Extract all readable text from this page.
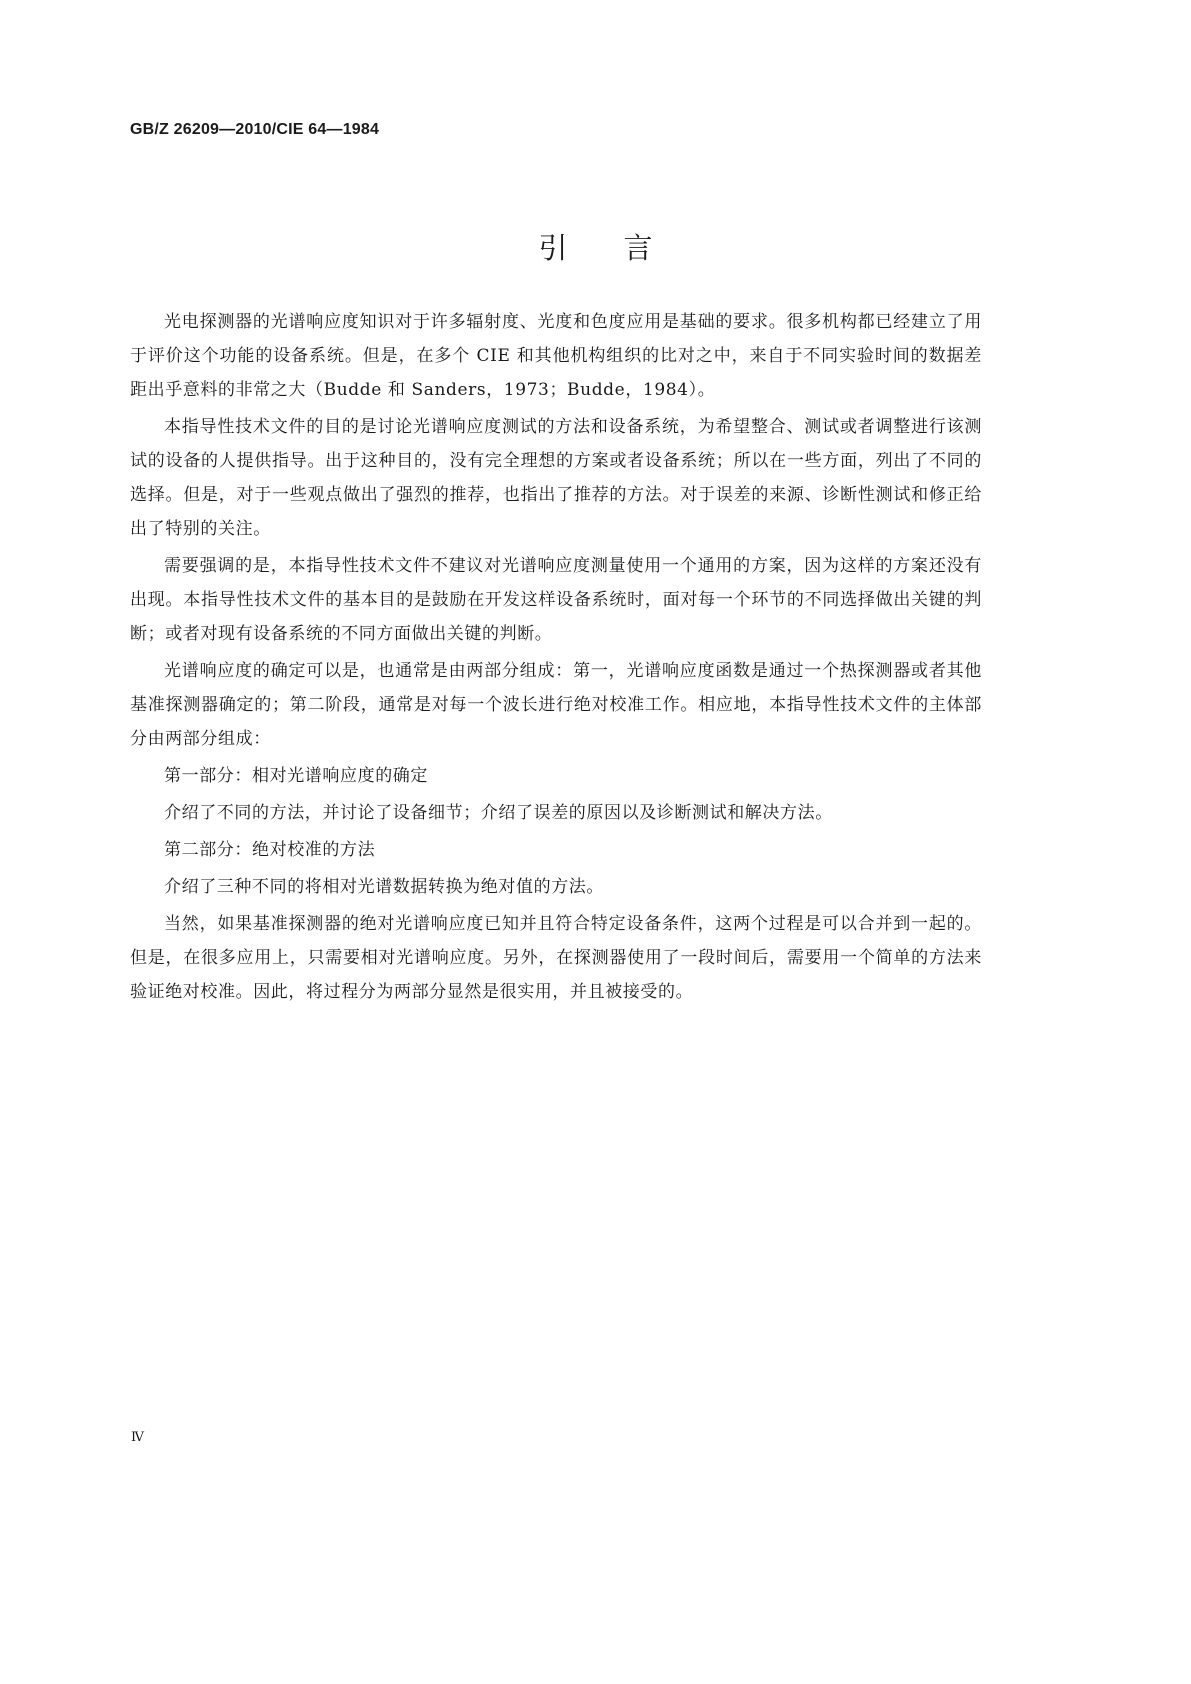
GB/Z 26209—2010/CIE 64—1984
引言

光电探测器的光谱响应度知识对于许多辐射度、光度和色度应用是基础的要求。很多机构都已经建立了用于评价这个功能的设备系统。但是，在多个 CIE 和其他机构组织的比对之中，来自于不同实验时间的数据差距出乎意料的非常之大（Budde 和 Sanders，1973；Budde，1984）。

本指导性技术文件的目的是讨论光谱响应度测试的方法和设备系统，为希望整合、测试或者调整进行该测试的设备的人提供指导。出于这种目的，没有完全理想的方案或者设备系统；所以在一些方面，列出了不同的选择。但是，对于一些观点做出了强烈的推荐，也指出了推荐的方法。对于误差的来源、诊断性测试和修正给出了特别的关注。

需要强调的是，本指导性技术文件不建议对光谱响应度测量使用一个通用的方案，因为这样的方案还没有出现。本指导性技术文件的基本目的是鼓励在开发这样设备系统时，面对每一个环节的不同选择做出关键的判断；或者对现有设备系统的不同方面做出关键的判断。

光谱响应度的确定可以是，也通常是由两部分组成：第一，光谱响应度函数是通过一个热探测器或者其他基准探测器确定的；第二阶段，通常是对每一个波长进行绝对校准工作。相应地，本指导性技术文件的主体部分由两部分组成：

第一部分：相对光谱响应度的确定

介绍了不同的方法，并讨论了设备细节；介绍了误差的原因以及诊断测试和解决方法。

第二部分：绝对校准的方法

介绍了三种不同的将相对光谱数据转换为绝对值的方法。

当然，如果基准探测器的绝对光谱响应度已知并且符合特定设备条件，这两个过程是可以合并到一起的。但是，在很多应用上，只需要相对光谱响应度。另外，在探测器使用了一段时间后，需要用一个简单的方法来验证绝对校准。因此，将过程分为两部分显然是很实用，并且被接受的。

Ⅳ
